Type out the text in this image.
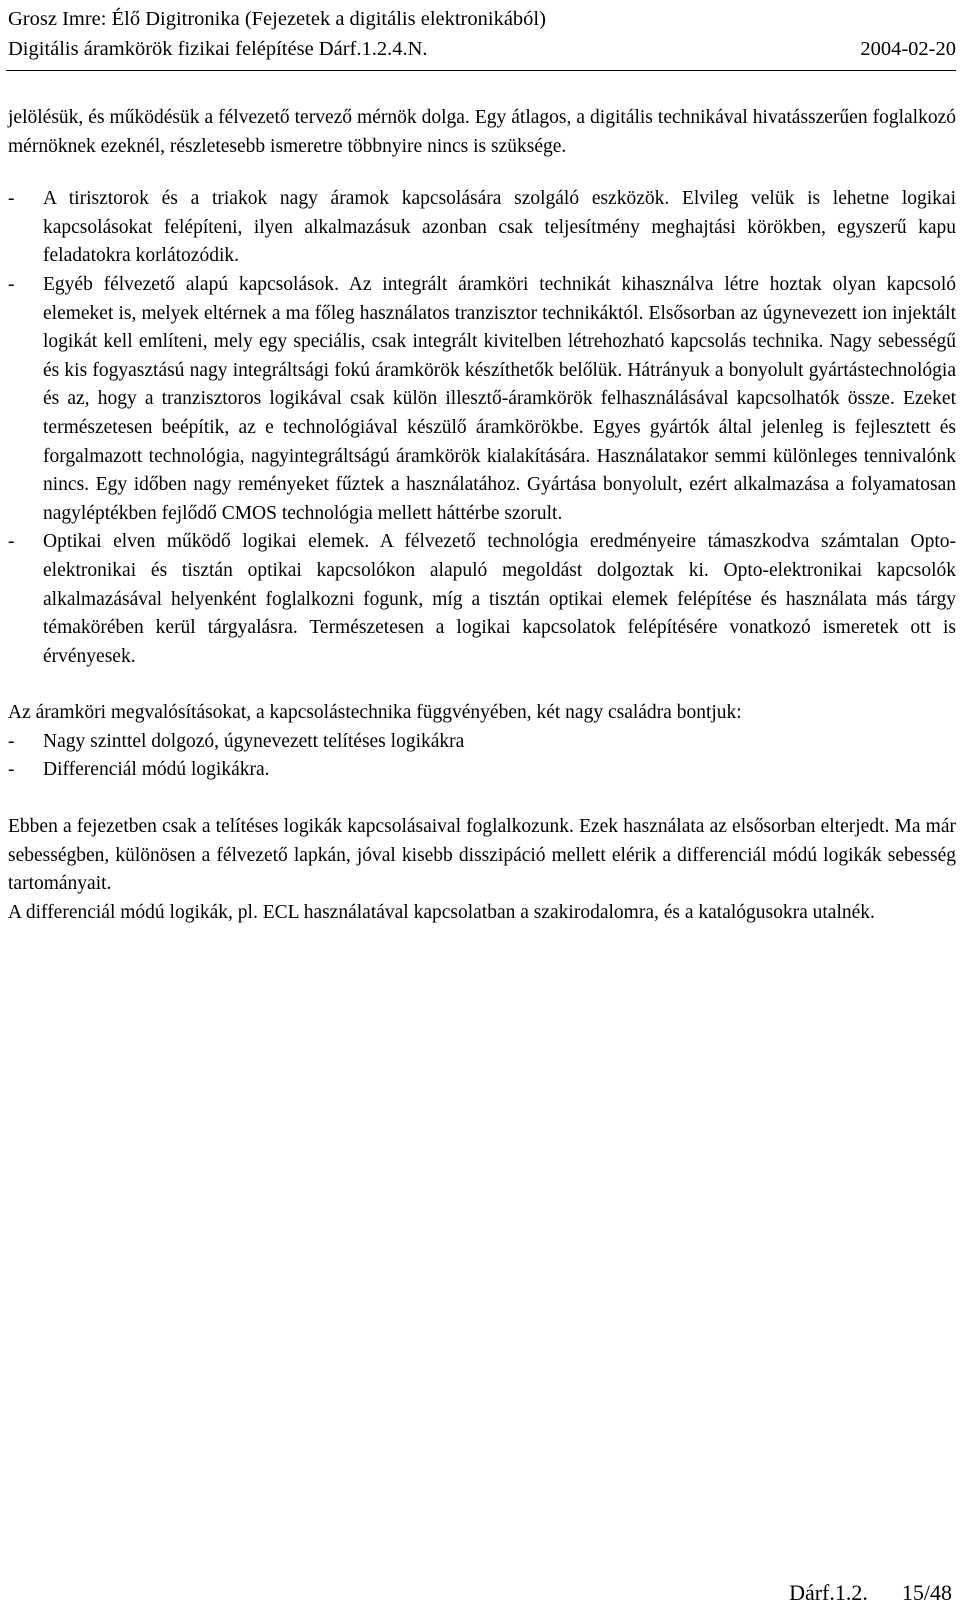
Grosz Imre: Élő Digitronika (Fejezetek a digitális elektronikából)
Digitális áramkörök fizikai felépítése Dárf.1.2.4.N.	2004-02-20

jelölésük, és működésük a félvezető tervező mérnök dolga. Egy átlagos, a digitális technikával hivatásszerűen foglalkozó mérnöknek ezeknél, részletesebb ismeretre többnyire nincs is szüksége.

- A tirisztorok és a triakok nagy áramok kapcsolására szolgáló eszközök. Elvileg velük is lehetne logikai kapcsolásokat felépíteni, ilyen alkalmazásuk azonban csak teljesítmény meghajtási körökben, egyszerű kapu feladatokra korlátozódik.
- Egyéb félvezető alapú kapcsolások. Az integrált áramköri technikát kihasználva létre hoztak olyan kapcsoló elemeket is, melyek eltérnek a ma főleg használatos tranzisztor technikáktól. Elsősorban az úgynevezett ion injektált logikát kell említeni, mely egy speciális, csak integrált kivitelben létrehozható kapcsolás technika. Nagy sebességű és kis fogyasztású nagy integráltsági fokú áramkörök készíthetők belőlük. Hátrányuk a bonyolult gyártástechnológia és az, hogy a tranzisztoros logikával csak külön illesztő-áramkörök felhasználásával kapcsolhatók össze. Ezeket természetesen beépítik, az e technológiával készülő áramkörökbe. Egyes gyártók által jelenleg is fejlesztett és forgalmazott technológia, nagyintegráltságú áramkörök kialakítására. Használatakor semmi különleges tennivalónk nincs. Egy időben nagy reményeket fűztek a használatához. Gyártása bonyolult, ezért alkalmazása a folyamatosan nagyléptékben fejlődő CMOS technológia mellett háttérbe szorult.
- Optikai elven működő logikai elemek. A félvezető technológia eredményeire támaszkodva számtalan Opto-elektronikai és tisztán optikai kapcsolókon alapuló megoldást dolgoztak ki. Opto-elektronikai kapcsolók alkalmazásával helyenként foglalkozni fogunk, míg a tisztán optikai elemek felépítése és használata más tárgy témakörében kerül tárgyalásra. Természetesen a logikai kapcsolatok felépítésére vonatkozó ismeretek ott is érvényesek.

Az áramköri megvalósításokat, a kapcsolástechnika függvényében, két nagy családra bontjuk:

- Nagy szinttel dolgozó, úgynevezett telítéses logikákra
- Differenciál módú logikákra.

Ebben a fejezetben csak a telítéses logikák kapcsolásaival foglalkozunk. Ezek használata az elsősorban elterjedt. Ma már sebességben, különösen a félvezető lapkán, jóval kisebb disszipáció mellett elérik a differenciál módú logikák sebesség tartományait.

A differenciál módú logikák, pl. ECL használatával kapcsolatban a szakirodalomra, és a katalógusokra utalnék.

Dárf.1.2. 15/48
